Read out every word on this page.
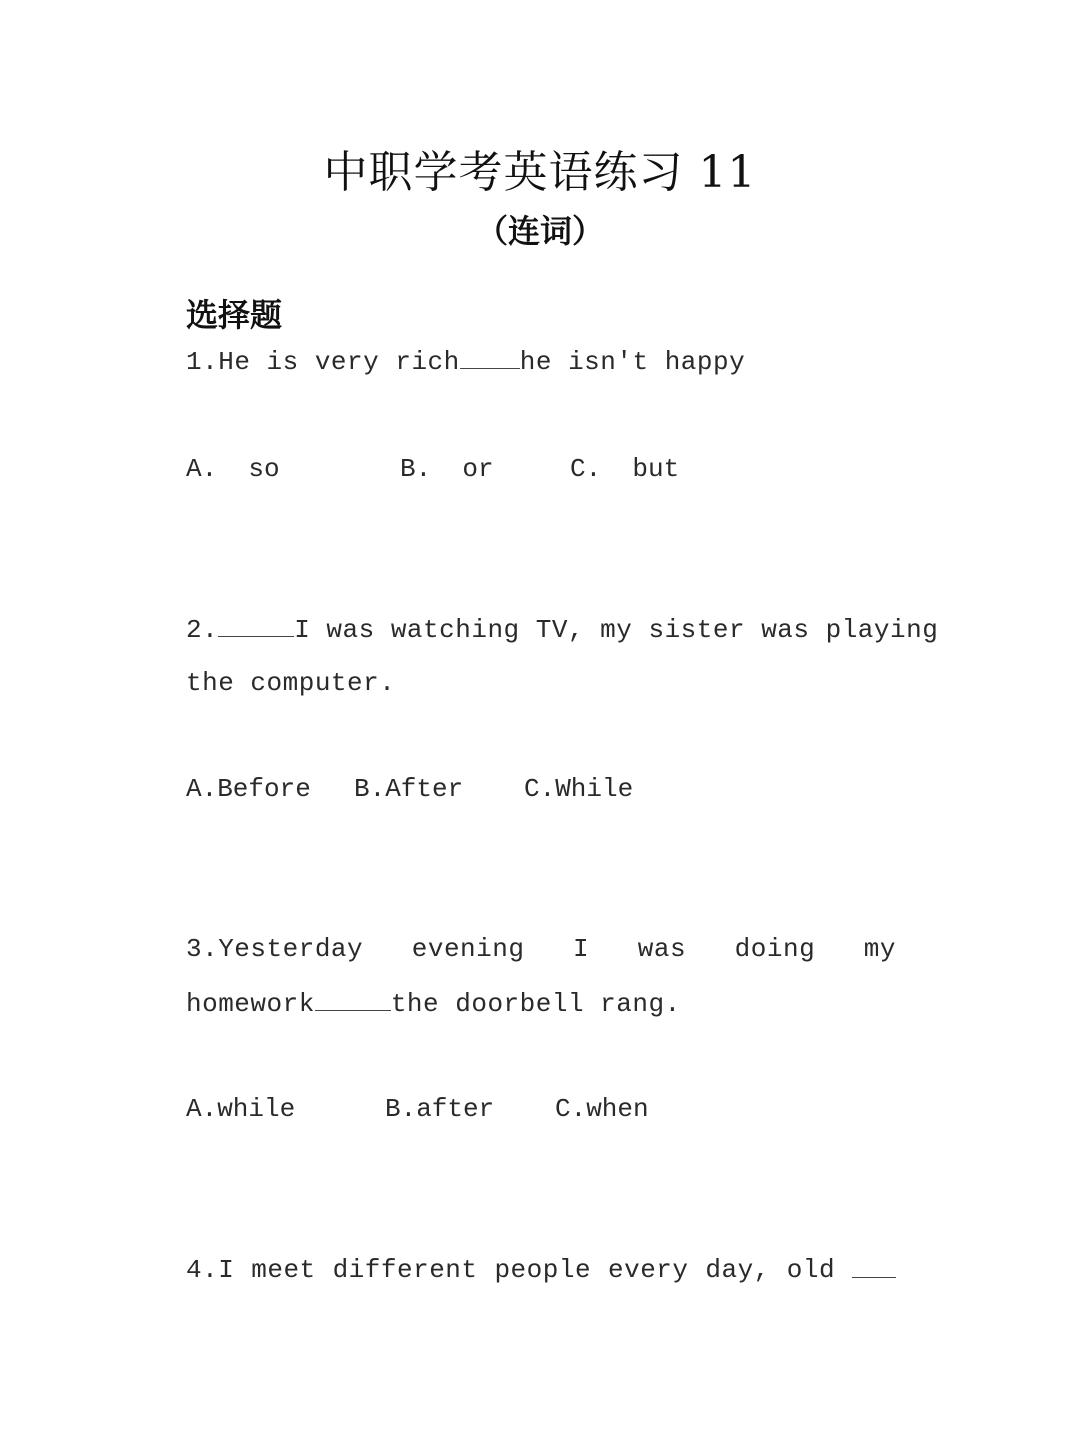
中职学考英语练习 11
（连词）
选择题
1.He is very rich he isn't happy
A.  so	B.  or	C.  but
2.	I was watching TV, my sister was playing
the computer.
A.Before B.After C.While
3.Yesterday evening I was doing my
homework	the doorbell rang.
A.while	B.after C.when
4.I meet different people every day, old
